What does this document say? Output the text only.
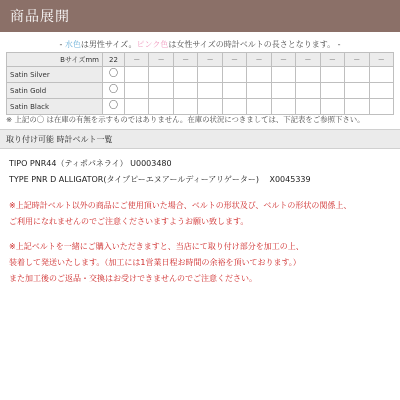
商品展開
- 水色は男性サイズ。ピンク色は女性サイズの時計ベルトの長さとなります。 -
Bサイズmm	22	－	－	－	－	－	－	－	－	－	－	－
Satin Silver	〇											
Satin Gold	〇											
Satin Black	〇											
※ 上記の〇 は在庫の有無を示すものではありません。在庫の状況につきましては、下記表をご参照下さい。
取り付け可能 時計ベルト一覧
TIPO PNR44（ティポパネライ） U0003480
TYPE PNR D ALLIGATOR(タイプピーエヌアールディーアリゲーター)　 X0045339
※上記時計ベルト以外の商品にご使用頂いた場合、ベルトの形状及び、ベルトの形状の関係上、
ご利用になれませんのでご注意くださいますようお願い致します。
※上記ベルトを一緒にご購入いただきますと、当店にて取り付け部分を加工の上、
装着して発送いたします。（加工には1営業日程お時間の余裕を頂いております。）
また加工後のご返品・交換はお受けできませんのでご注意ください。
